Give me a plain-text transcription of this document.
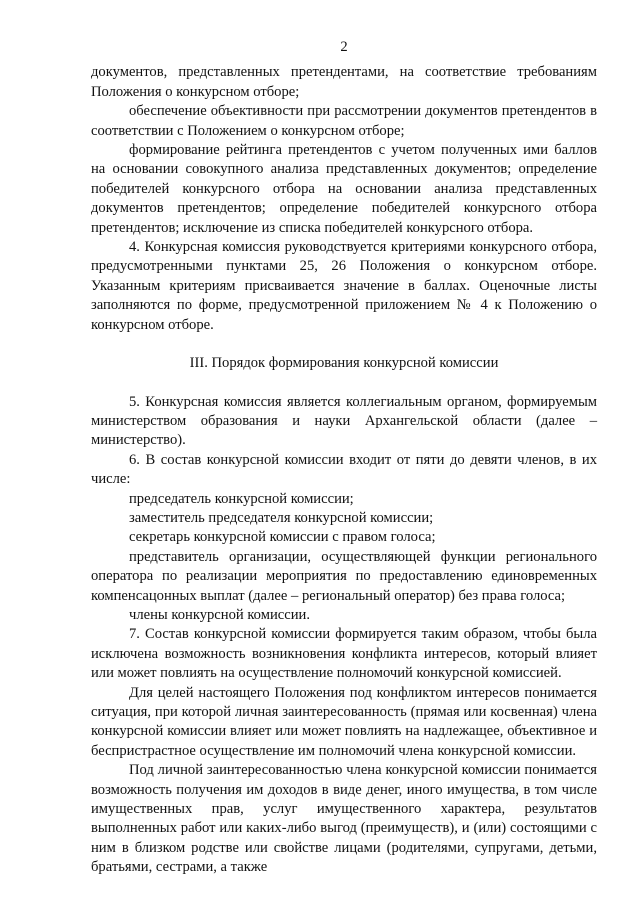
2

документов, представленных претендентами, на соответствие требованиям Положения о конкурсном отборе;

обеспечение объективности при рассмотрении документов претендентов в соответствии с Положением о конкурсном отборе;

формирование рейтинга претендентов с учетом полученных ими баллов на основании совокупного анализа представленных документов; определение победителей конкурсного отбора на основании анализа представленных документов претендентов; определение победителей конкурсного отбора претендентов; исключение из списка победителей конкурсного отбора.

4. Конкурсная комиссия руководствуется критериями конкурсного отбора, предусмотренными пунктами 25, 26 Положения о конкурсном отборе. Указанным критериям присваивается значение в баллах. Оценочные листы заполняются по форме, предусмотренной приложением № 4 к Положению о конкурсном отборе.

III. Порядок формирования конкурсной комиссии

5. Конкурсная комиссия является коллегиальным органом, формируемым министерством образования и науки Архангельской области (далее – министерство).

6. В состав конкурсной комиссии входит от пяти до девяти членов, в их числе:

председатель конкурсной комиссии;

заместитель председателя конкурсной комиссии;

секретарь конкурсной комиссии с правом голоса;

представитель организации, осуществляющей функции регионального оператора по реализации мероприятия по предоставлению единовременных компенсацонных выплат (далее – региональный оператор) без права голоса;

члены конкурсной комиссии.

7. Состав конкурсной комиссии формируется таким образом, чтобы была исключена возможность возникновения конфликта интересов, который влияет или может повлиять на осуществление полномочий конкурсной комиссией.

Для целей настоящего Положения под конфликтом интересов понимается ситуация, при которой личная заинтересованность (прямая или косвенная) члена конкурсной комиссии влияет или может повлиять на надлежащее, объективное и беспристрастное осуществление им полномочий члена конкурсной комиссии.

Под личной заинтересованностью члена конкурсной комиссии понимается возможность получения им доходов в виде денег, иного имущества, в том числе имущественных прав, услуг имущественного характера, результатов выполненных работ или каких-либо выгод (преимуществ), и (или) состоящими с ним в близком родстве или свойстве лицами (родителями, супругами, детьми, братьями, сестрами, а также
